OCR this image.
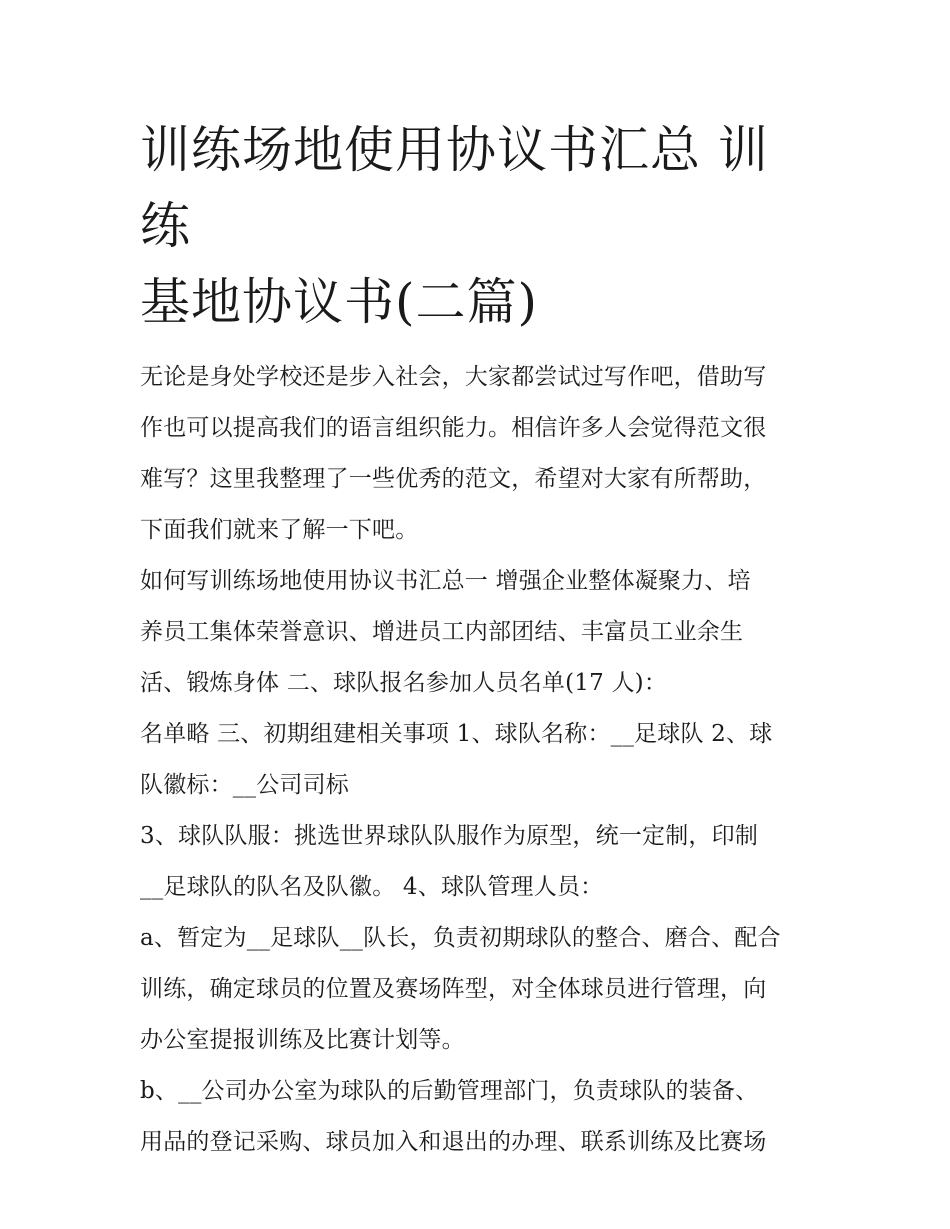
训练场地使用协议书汇总 训练
基地协议书(二篇)

无论是身处学校还是步入社会，大家都尝试过写作吧，借助写
作也可以提高我们的语言组织能力。相信许多人会觉得范文很
难写？这里我整理了一些优秀的范文，希望对大家有所帮助，
下面我们就来了解一下吧。

如何写训练场地使用协议书汇总一 增强企业整体凝聚力、培
养员工集体荣誉意识、增进员工内部团结、丰富员工业余生
活、锻炼身体 二、球队报名参加人员名单(17 人)：

名单略 三、初期组建相关事项 1、球队名称：__足球队 2、球
队徽标：__公司司标

3、球队队服：挑选世界球队队服作为原型，统一定制，印制
__足球队的队名及队徽。 4、球队管理人员：

a、暂定为__足球队__队长，负责初期球队的整合、磨合、配合
训练，确定球员的位置及赛场阵型，对全体球员进行管理，向
办公室提报训练及比赛计划等。

b、__公司办公室为球队的后勤管理部门，负责球队的装备、
用品的登记采购、球员加入和退出的办理、联系训练及比赛场
